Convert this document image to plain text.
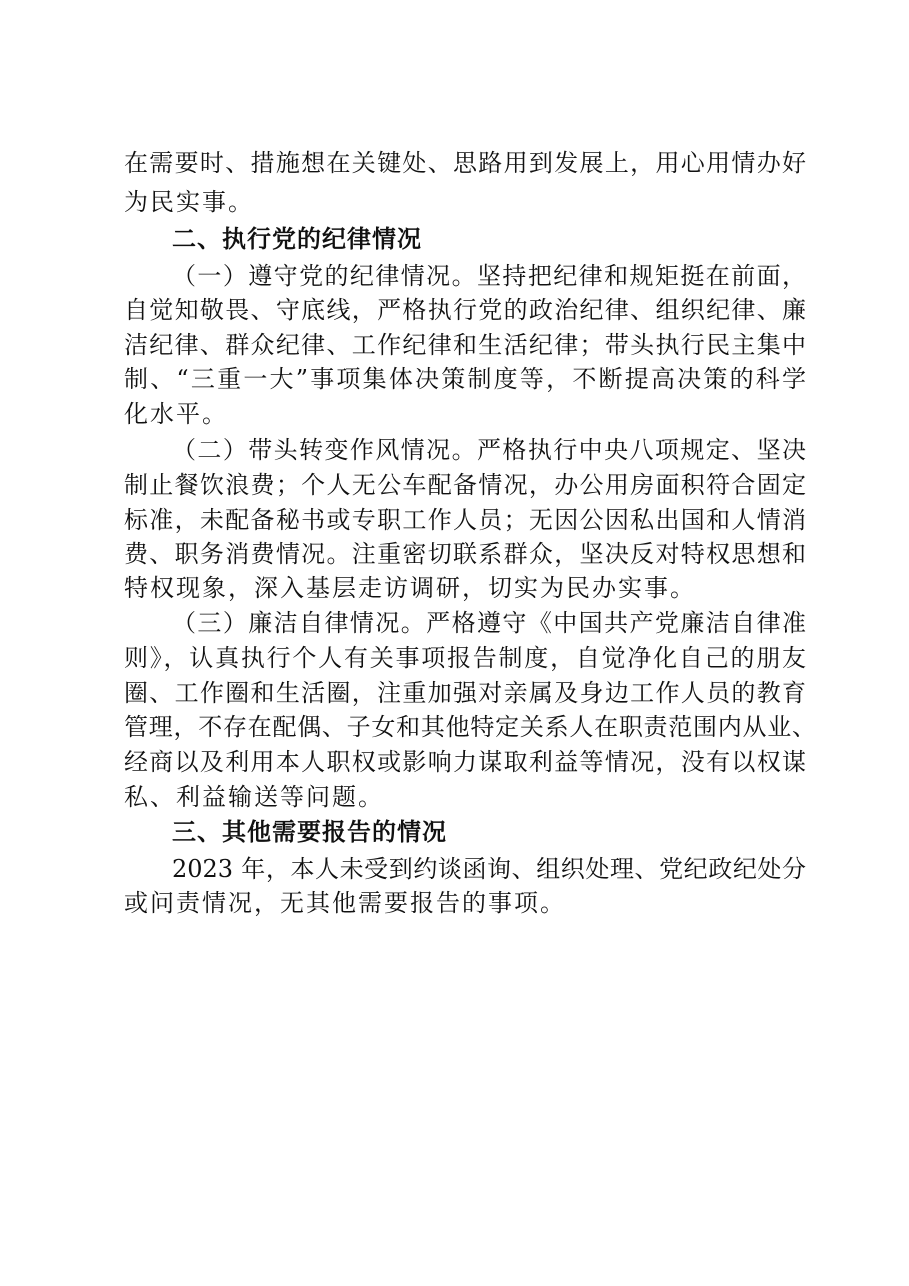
在需要时、措施想在关键处、思路用到发展上，用心用情办好
为民实事。
二、执行党的纪律情况
（一）遵守党的纪律情况。坚持把纪律和规矩挺在前面，
自觉知敬畏、守底线，严格执行党的政治纪律、组织纪律、廉
洁纪律、群众纪律、工作纪律和生活纪律；带头执行民主集中
制、“三重一大”事项集体决策制度等，不断提高决策的科学
化水平。
（二）带头转变作风情况。严格执行中央八项规定、坚决
制止餐饮浪费；个人无公车配备情况，办公用房面积符合固定
标准，未配备秘书或专职工作人员；无因公因私出国和人情消
费、职务消费情况。注重密切联系群众，坚决反对特权思想和
特权现象，深入基层走访调研，切实为民办实事。
（三）廉洁自律情况。严格遵守《中国共产党廉洁自律准
则》，认真执行个人有关事项报告制度，自觉净化自己的朋友
圈、工作圈和生活圈，注重加强对亲属及身边工作人员的教育
管理，不存在配偶、子女和其他特定关系人在职责范围内从业、
经商以及利用本人职权或影响力谋取利益等情况，没有以权谋
私、利益输送等问题。
三、其他需要报告的情况
2023 年，本人未受到约谈函询、组织处理、党纪政纪处分
或问责情况，无其他需要报告的事项。
